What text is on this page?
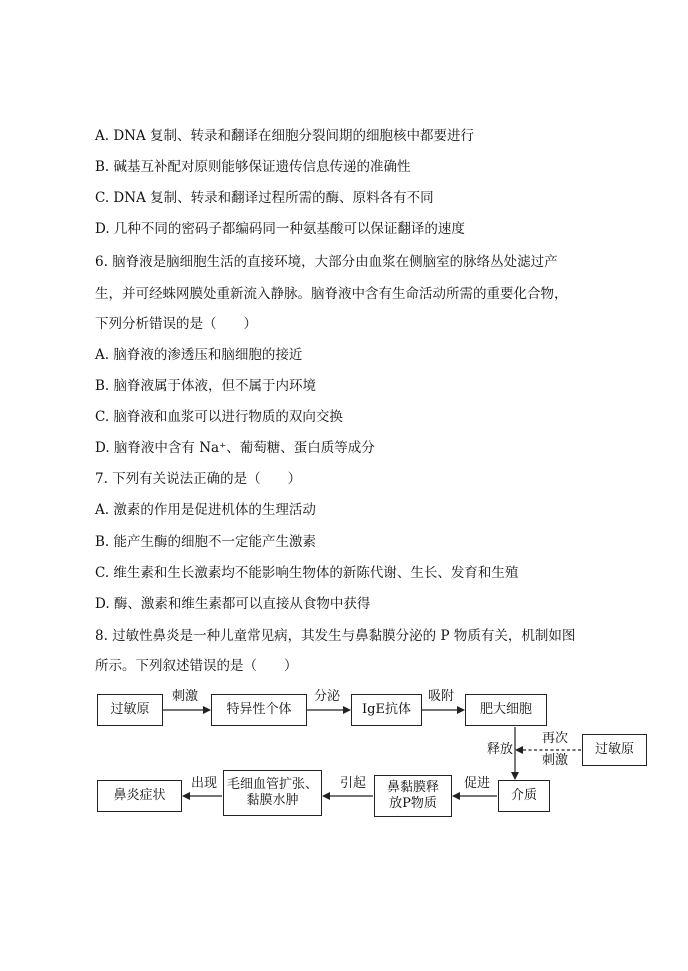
A. DNA 复制、转录和翻译在细胞分裂间期的细胞核中都要进行
B. 碱基互补配对原则能够保证遗传信息传递的准确性
C. DNA 复制、转录和翻译过程所需的酶、原料各有不同
D. 几种不同的密码子都编码同一种氨基酸可以保证翻译的速度
6. 脑脊液是脑细胞生活的直接环境，大部分由血浆在侧脑室的脉络丛处滤过产
生，并可经蛛网膜处重新流入静脉。脑脊液中含有生命活动所需的重要化合物，
下列分析错误的是（　　）
A. 脑脊液的渗透压和脑细胞的接近
B. 脑脊液属于体液，但不属于内环境
C. 脑脊液和血浆可以进行物质的双向交换
D. 脑脊液中含有 Na⁺、葡萄糖、蛋白质等成分
7. 下列有关说法正确的是（　　）
A. 激素的作用是促进机体的生理活动
B. 能产生酶的细胞不一定能产生激素
C. 维生素和生长激素均不能影响生物体的新陈代谢、生长、发育和生殖
D. 酶、激素和维生素都可以直接从食物中获得
8. 过敏性鼻炎是一种儿童常见病，其发生与鼻黏膜分泌的 P 物质有关，机制如图
所示。下列叙述错误的是（　　）
过敏原	特异性个体	IgE抗体	肥大细胞
过敏原
介质
鼻黏膜释
放P物质
毛细血管扩张、
黏膜水肿
鼻炎症状
刺激	分泌	吸附
释放
再次
刺激
促进
引起
出现
